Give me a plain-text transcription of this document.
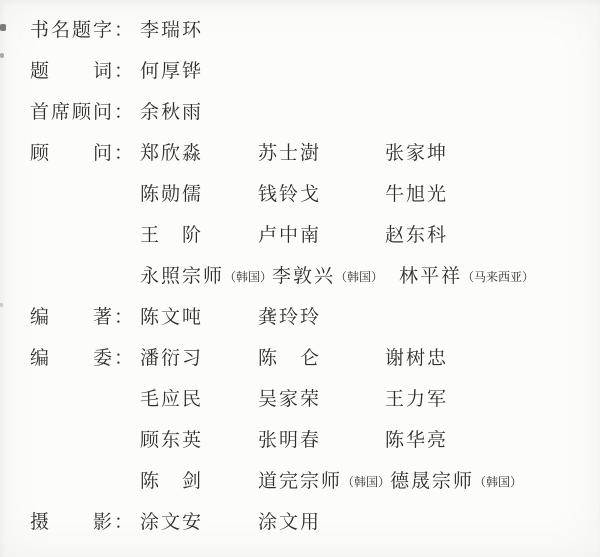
书名题字： 李瑞环
题　　词： 何厚铧
首席顾问： 余秋雨
顾　　问： 郑欣淼	苏士澍	张家坤
陈勋儒	钱铃戈	牛旭光
王　阶	卢中南	赵东科
永照宗师（韩国） 李敦兴（韩国） 林平祥（马来西亚）
编　　著： 陈文吨	龚玲玲
编　　委： 潘衍习	陈　仑	谢树忠
毛应民	吴家荣	王力军
顾东英	张明春	陈华亮
陈　剑	道完宗师（韩国） 德晟宗师（韩国）
摄　　影： 涂文安	涂文用
